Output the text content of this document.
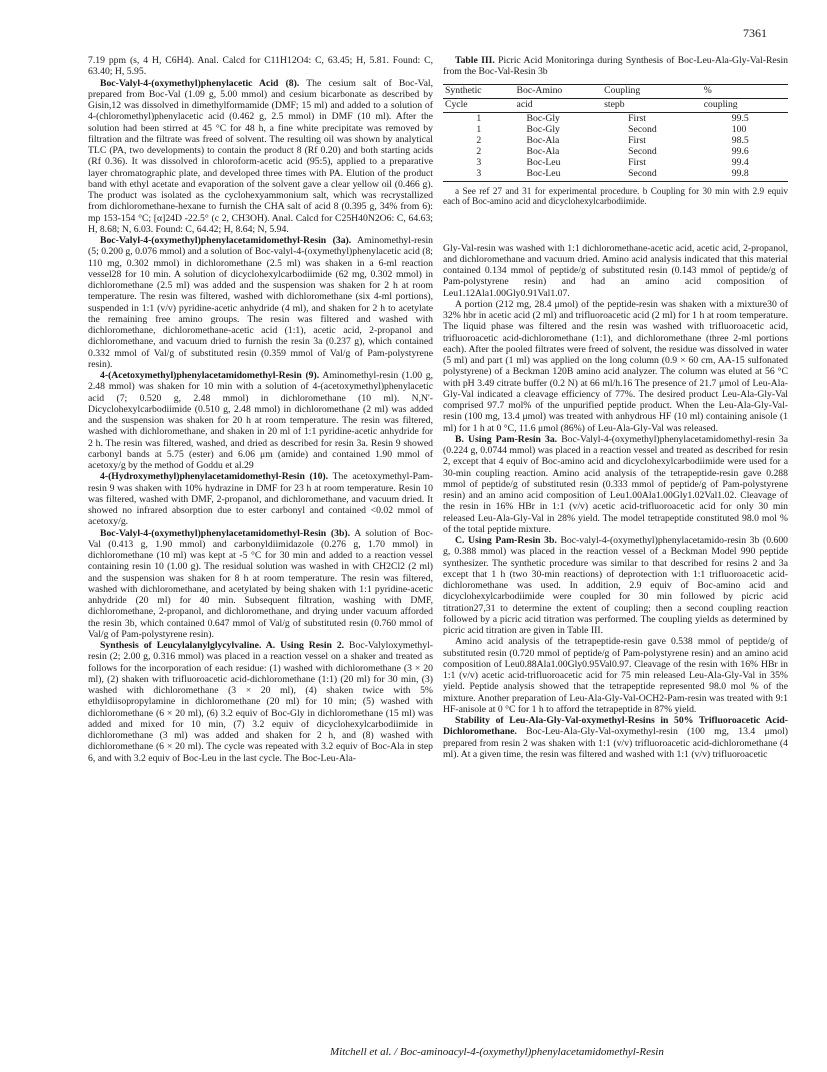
7361

7.19 ppm (s, 4 H, C6H4). Anal. Calcd for C11H12O4: C, 63.45; H, 5.81. Found: C, 63.40; H, 5.95.

Boc-Valyl-4-(oxymethyl)phenylacetic Acid (8). The cesium salt of Boc-Val, prepared from Boc-Val (1.09 g, 5.00 mmol) and cesium bicarbonate as described by Gisin,12 was dissolved in dimethylformamide (DMF; 15 ml) and added to a solution of 4-(chloromethyl)phenylacetic acid (0.462 g, 2.5 mmol) in DMF (10 ml). After the solution had been stirred at 45 °C for 48 h, a fine white precipitate was removed by filtration and the filtrate was freed of solvent. The resulting oil was shown by analytical TLC (PA, two developments) to contain the product 8 (Rf 0.20) and both starting acids (Rf 0.36). It was dissolved in chloroform-acetic acid (95:5), applied to a preparative layer chromatographic plate, and developed three times with PA. Elution of the product band with ethyl acetate and evaporation of the solvent gave a clear yellow oil (0.466 g). The product was isolated as the cyclohexyammonium salt, which was recrystallized from dichloromethane-hexane to furnish the CHA salt of acid 8 (0.395 g, 34% from 6): mp 153-154 °C; [α]24D -22.5° (c 2, CH3OH). Anal. Calcd for C25H40N2O6: C, 64.63; H, 8.68; N, 6.03. Found: C, 64.42; H, 8.64; N, 5.94.

Boc-Valyl-4-(oxymethyl)phenylacetamidomethyl-Resin (3a). Aminomethyl-resin (5; 0.200 g, 0.076 mmol) and a solution of Boc-valyl-4-(oxymethyl)phenylacetic acid (8; 110 mg, 0.302 mmol) in dichloromethane (2.5 ml) was shaken in a 6-ml reaction vessel28 for 10 min. A solution of dicyclohexylcarbodiimide (62 mg, 0.302 mmol) in dichloromethane (2.5 ml) was added and the suspension was shaken for 2 h at room temperature. The resin was filtered, washed with dichloromethane (six 4-ml portions), suspended in 1:1 (v/v) pyridine-acetic anhydride (4 ml), and shaken for 2 h to acetylate the remaining free amino groups. The resin was filtered and washed with dichloromethane, dichloromethane-acetic acid (1:1), acetic acid, 2-propanol and dichloromethane, and vacuum dried to furnish the resin 3a (0.237 g), which contained 0.332 mmol of Val/g of substituted resin (0.359 mmol of Val/g of Pam-polystyrene resin).

4-(Acetoxymethyl)phenylacetamidomethyl-Resin (9). Aminomethyl-resin (1.00 g, 2.48 mmol) was shaken for 10 min with a solution of 4-(acetoxymethyl)phenylacetic acid (7; 0.520 g, 2.48 mmol) in dichloromethane (10 ml). N,N'-Dicyclohexylcarbodiimide (0.510 g, 2.48 mmol) in dichloromethane (2 ml) was added and the suspension was shaken for 20 h at room temperature. The resin was filtered, washed with dichloromethane, and shaken in 20 ml of 1:1 pyridine-acetic anhydride for 2 h. The resin was filtered, washed, and dried as described for resin 3a. Resin 9 showed carbonyl bands at 5.75 (ester) and 6.06 μm (amide) and contained 1.90 mmol of acetoxy/g by the method of Goddu et al.29

4-(Hydroxymethyl)phenylacetamidomethyl-Resin (10). The acetoxymethyl-Pam-resin 9 was shaken with 10% hydrazine in DMF for 23 h at room temperature. Resin 10 was filtered, washed with DMF, 2-propanol, and dichloromethane, and vacuum dried. It showed no infrared absorption due to ester carbonyl and contained <0.02 mmol of acetoxy/g.

Boc-Valyl-4-(oxymethyl)phenylacetamidomethyl-Resin (3b). A solution of Boc-Val (0.413 g, 1.90 mmol) and carbonyldiimidazole (0.276 g, 1.70 mmol) in dichloromethane (10 ml) was kept at -5 °C for 30 min and added to a reaction vessel containing resin 10 (1.00 g). The residual solution was washed in with CH2Cl2 (2 ml) and the suspension was shaken for 8 h at room temperature. The resin was filtered, washed with dichloromethane, and acetylated by being shaken with 1:1 pyridine-acetic anhydride (20 ml) for 40 min. Subsequent filtration, washing with DMF, dichloromethane, 2-propanol, and dichloromethane, and drying under vacuum afforded the resin 3b, which contained 0.647 mmol of Val/g of substituted resin (0.760 mmol of Val/g of Pam-polystyrene resin).

Synthesis of Leucylalanylglycylvaline. A. Using Resin 2. Boc-Valyloxymethyl-resin (2; 2.00 g, 0.316 mmol) was placed in a reaction vessel on a shaker and treated as follows for the incorporation of each residue: (1) washed with dichloromethane (3 × 20 ml), (2) shaken with trifluoroacetic acid-dichloromethane (1:1) (20 ml) for 30 min, (3) washed with dichloromethane (3 × 20 ml), (4) shaken twice with 5% ethyldiisopropylamine in dichloromethane (20 ml) for 10 min; (5) washed with dichloromethane (6 × 20 ml), (6) 3.2 equiv of Boc-Gly in dichloromethane (15 ml) was added and mixed for 10 min, (7) 3.2 equiv of dicyclohexylcarbodiimide in dichloromethane (3 ml) was added and shaken for 2 h, and (8) washed with dichloromethane (6 × 20 ml). The cycle was repeated with 3.2 equiv of Boc-Ala in step 6, and with 3.2 equiv of Boc-Leu in the last cycle. The Boc-Leu-Ala-

Table III. Picric Acid Monitoringa during Synthesis of Boc-Leu-Ala-Gly-Val-Resin from the Boc-Val-Resin 3b

Synthetic	Boc-Amino	Coupling	%
Cycle	acid	stepb	coupling
1	Boc-Gly	First	99.5
1	Boc-Gly	Second	100
2	Boc-Ala	First	98.5
2	Boc-Ala	Second	99.6
3	Boc-Leu	First	99.4
3	Boc-Leu	Second	99.8

a See ref 27 and 31 for experimental procedure. b Coupling for 30 min with 2.9 equiv each of Boc-amino acid and dicyclohexylcarbodiimide.

Gly-Val-resin was washed with 1:1 dichloromethane-acetic acid, acetic acid, 2-propanol, and dichloromethane and vacuum dried. Amino acid analysis indicated that this material contained 0.134 mmol of peptide/g of substituted resin (0.143 mmol of peptide/g of Pam-polystyrene resin) and had an amino acid composition of Leu1.12Ala1.00Gly0.91Val1.07.

A portion (212 mg, 28.4 μmol) of the peptide-resin was shaken with a mixture30 of 32% hbr in acetic acid (2 ml) and trifluoroacetic acid (2 ml) for 1 h at room temperature. The liquid phase was filtered and the resin was washed with trifluoroacetic acid, trifluoroacetic acid-dichloromethane (1:1), and dichloromethane (three 2-ml portions each). After the pooled filtrates were freed of solvent, the residue was dissolved in water (5 ml) and part (1 ml) was applied on the long column (0.9 × 60 cm, AA-15 sulfonated polystyrene) of a Beckman 120B amino acid analyzer. The column was eluted at 56 °C with pH 3.49 citrate buffer (0.2 N) at 66 ml/h.16 The presence of 21.7 μmol of Leu-Ala-Gly-Val indicated a cleavage efficiency of 77%. The desired product Leu-Ala-Gly-Val comprised 97.7 mol% of the unpurified peptide product. When the Leu-Ala-Gly-Val-resin (100 mg, 13.4 μmol) was treated with anhydrous HF (10 ml) containing anisole (1 ml) for 1 h at 0 °C, 11.6 μmol (86%) of Leu-Ala-Gly-Val was released.

B. Using Pam-Resin 3a. Boc-Valyl-4-(oxymethyl)phenylacetamidomethyl-resin 3a (0.224 g, 0.0744 mmol) was placed in a reaction vessel and treated as described for resin 2, except that 4 equiv of Boc-amino acid and dicyclohexylcarbodiimide were used for a 30-min coupling reaction. Amino acid analysis of the tetrapeptide-resin gave 0.288 mmol of peptide/g of substituted resin (0.333 mmol of peptide/g of Pam-polystyrene resin) and an amino acid composition of Leu1.00Ala1.00Gly1.02Val1.02. Cleavage of the resin in 16% HBr in 1:1 (v/v) acetic acid-trifluoroacetic acid for only 30 min released Leu-Ala-Gly-Val in 28% yield. The model tetrapeptide constituted 98.0 mol % of the total peptide mixture.

C. Using Pam-Resin 3b. Boc-valyl-4-(oxymethyl)phenylacetamido-resin 3b (0.600 g, 0.388 mmol) was placed in the reaction vessel of a Beckman Model 990 peptide synthesizer. The synthetic procedure was similar to that described for resins 2 and 3a except that 1 h (two 30-min reactions) of deprotection with 1:1 trifluoroacetic acid-dichloromethane was used. In addition, 2.9 equiv of Boc-amino acid and dicyclohexylcarbodiimide were coupled for 30 min followed by picric acid titration27,31 to determine the extent of coupling; then a second coupling reaction followed by a picric acid titration was performed. The coupling yields as determined by picric acid titration are given in Table III.

Amino acid analysis of the tetrapeptide-resin gave 0.538 mmol of peptide/g of substituted resin (0.720 mmol of peptide/g of Pam-polystyrene resin) and an amino acid composition of Leu0.88Ala1.00Gly0.95Val0.97. Cleavage of the resin with 16% HBr in 1:1 (v/v) acetic acid-trifluoroacetic acid for 75 min released Leu-Ala-Gly-Val in 35% yield. Peptide analysis showed that the tetrapeptide represented 98.0 mol % of the mixture. Another preparation of Leu-Ala-Gly-Val-OCH2-Pam-resin was treated with 9:1 HF-anisole at 0 °C for 1 h to afford the tetrapeptide in 87% yield.

Stability of Leu-Ala-Gly-Val-oxymethyl-Resins in 50% Trifluoroacetic Acid-Dichloromethane. Boc-Leu-Ala-Gly-Val-oxymethyl-resin (100 mg, 13.4 μmol) prepared from resin 2 was shaken with 1:1 (v/v) trifluoroacetic acid-dichloromethane (4 ml). At a given time, the resin was filtered and washed with 1:1 (v/v) trifluoroacetic

Mitchell et al. / Boc-aminoacyl-4-(oxymethyl)phenylacetamidomethyl-Resin
